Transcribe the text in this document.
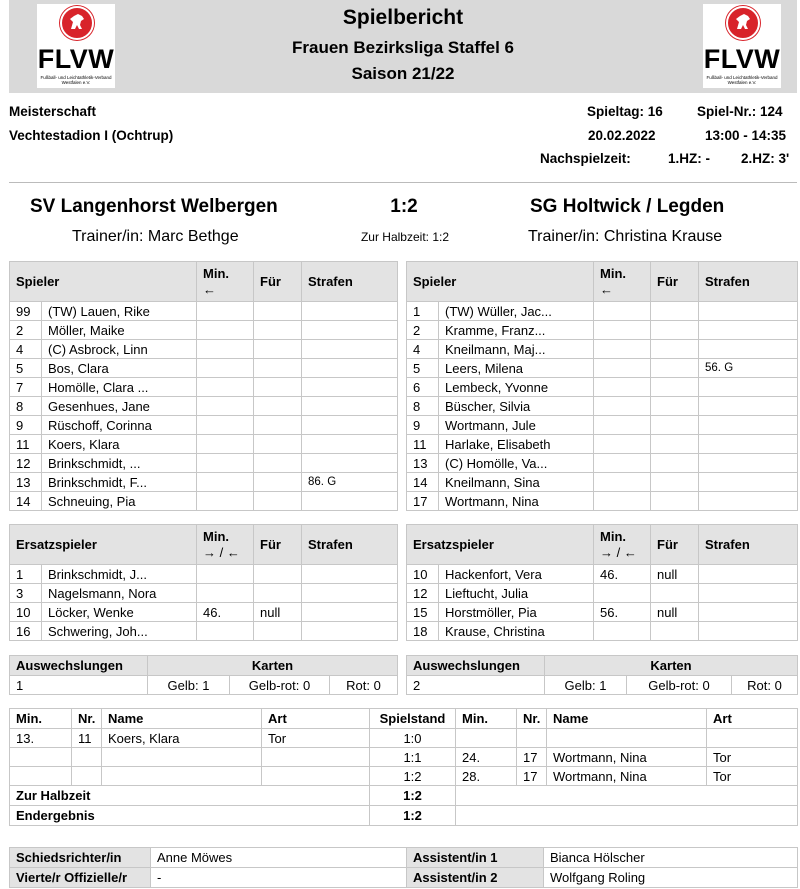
FLVW
Fußball- und Leichtathletik-Verband Westfalen e.V.
Spielbericht
Frauen Bezirksliga Staffel 6
Saison 21/22	FLVW
Fußball- und Leichtathletik-Verband Westfalen e.V.
Meisterschaft
Vechtestadion I (Ochtrup)
Spieltag: 16	Spiel-Nr.: 124
20.02.2022	13:00 - 14:35
Nachspielzeit:	1.HZ: - 2.HZ: 3'
SV Langenhorst Welbergen	1:2	SG Holtwick / Legden
Trainer/in: Marc Bethge	Zur Halbzeit: 1:2	Trainer/in: Christina Krause
Spieler		Min.
←	Für	Strafen
99	(TW) Lauen, Rike			
2	Möller, Maike			
4	(C) Asbrock, Linn			
5	Bos, Clara			
7	Homölle, Clara ...			
8	Gesenhues, Jane			
9	Rüschoff, Corinna			
11	Koers, Klara			
12	Brinkschmidt, ...			
13	Brinkschmidt, F...			86. G
14	Schneuing, Pia			
Spieler		Min.
←	Für	Strafen
1	(TW) Wüller, Jac...			
2	Kramme, Franz...			
4	Kneilmann, Maj...			
5	Leers, Milena			56. G
6	Lembeck, Yvonne			
8	Büscher, Silvia			
9	Wortmann, Jule			
11	Harlake, Elisabeth			
13	(C) Homölle, Va...			
14	Kneilmann, Sina			
17	Wortmann, Nina			
Ersatzspieler		Min.
→ / ←	Für	Strafen
1	Brinkschmidt, J...			
3	Nagelsmann, Nora			
10	Löcker, Wenke	46.	null	
16	Schwering, Joh...			
Ersatzspieler		Min.
→ / ←	Für	Strafen
10	Hackenfort, Vera	46.	null	
12	Lieftucht, Julia			
15	Horstmöller, Pia	56.	null	
18	Krause, Christina			
Auswechslungen	Karten		
1	Gelb: 1	Gelb-rot: 0	Rot: 0
Auswechslungen	Karten		
2	Gelb: 1	Gelb-rot: 0	Rot: 0
Min.	Nr.	Name	Art	Spielstand	Min.	Nr.	Name	Art
13.	11	Koers, Klara	Tor	1:0				
				1:1	24.	17	Wortmann, Nina	Tor
				1:2	28.	17	Wortmann, Nina	Tor
Zur Halbzeit				1:2				
Endergebnis				1:2				
Schiedsrichter/in	Anne Möwes	Assistent/in 1	Bianca Hölscher
Vierte/r Offizielle/r	-	Assistent/in 2	Wolfgang Roling
